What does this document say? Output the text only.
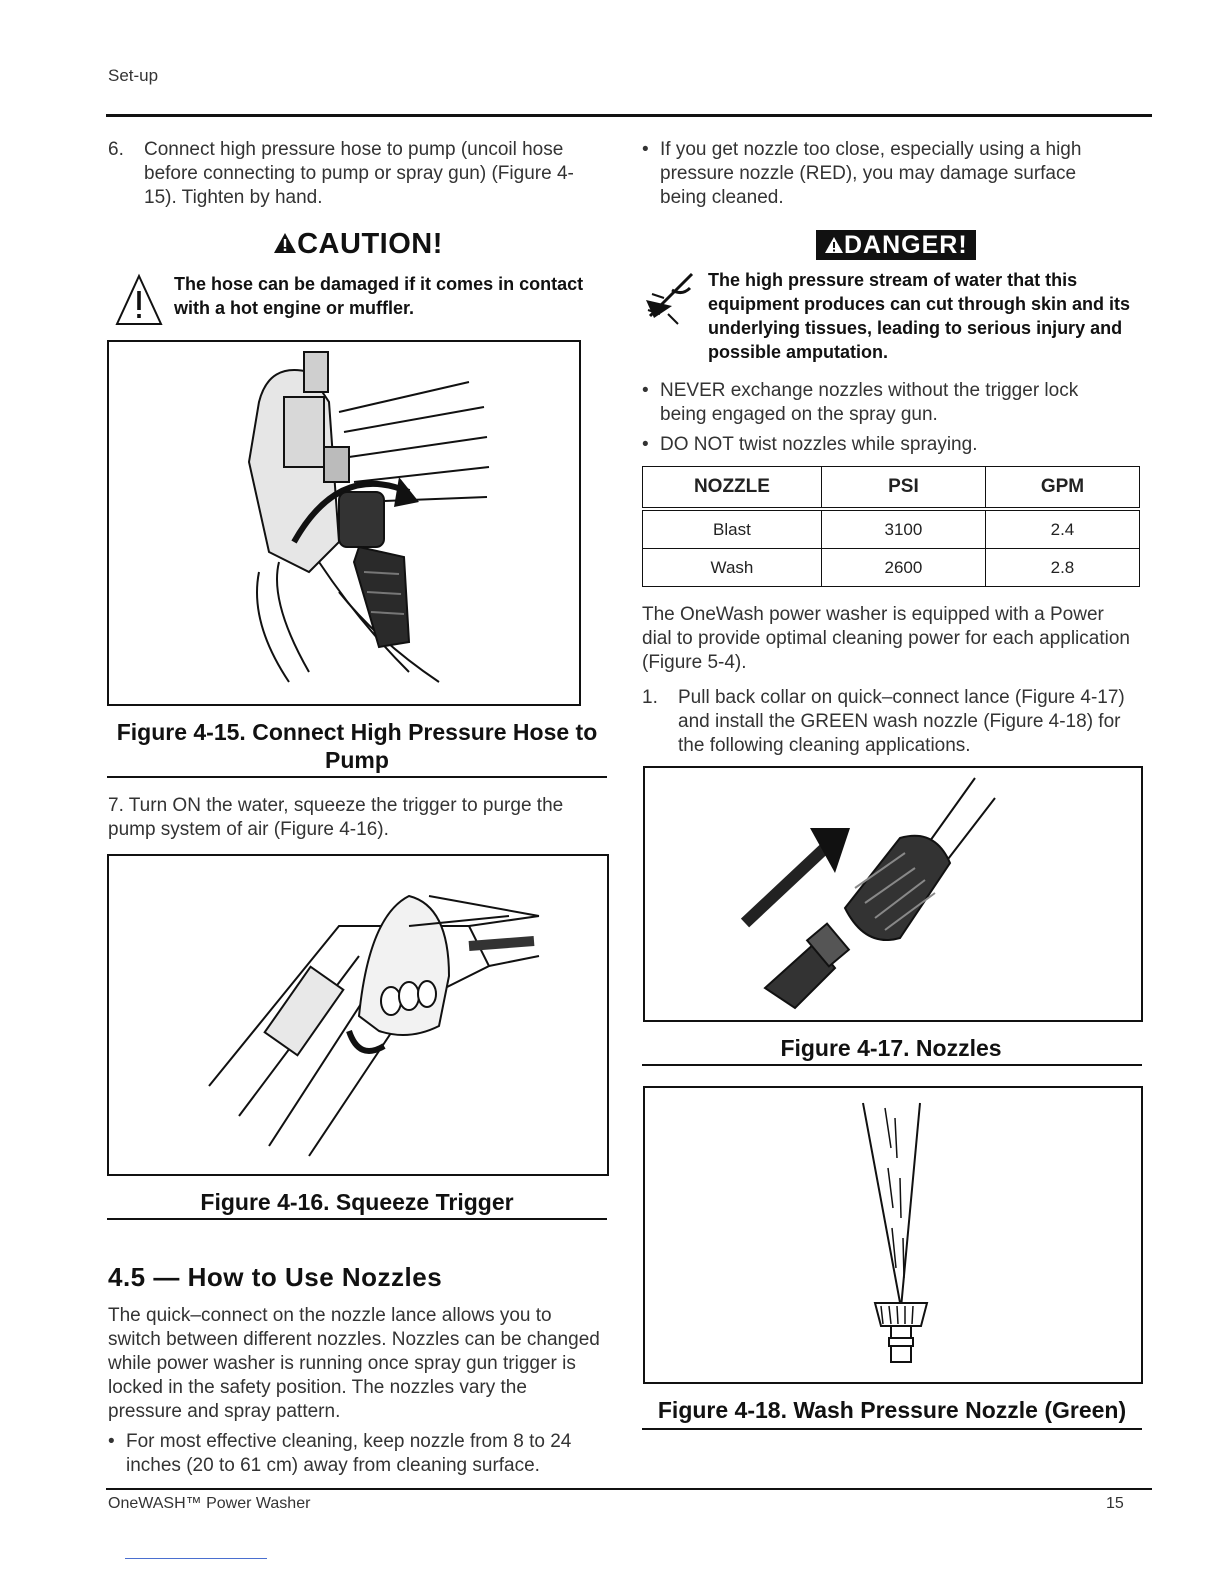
Set-up
6.	Connect high pressure hose to pump (uncoil hose before connecting to pump or spray gun) (Figure 4-15). Tighten by hand.
CAUTION!
The hose can be damaged if it comes in contact with a hot engine or muffler.
Figure 4-15. Connect High Pressure Hose to Pump
7. Turn ON the water, squeeze the trigger to purge the pump system of air (Figure 4-16).
Figure 4-16. Squeeze Trigger
4.5 — How to Use Nozzles
The quick–connect on the nozzle lance allows you to switch between different nozzles. Nozzles can be changed while power washer is running once spray gun trigger is locked in the safety position. The nozzles vary the pressure and spray pattern.
• For most effective cleaning, keep nozzle from 8 to 24 inches (20 to 61 cm) away from cleaning surface.
• If you get nozzle too close, especially using a high pressure nozzle (RED), you may damage surface being cleaned.
DANGER!
The high pressure stream of water that this equipment produces can cut through skin and its underlying tissues, leading to serious injury and possible amputation.
• NEVER exchange nozzles without the trigger lock being engaged on the spray gun.
• DO NOT twist nozzles while spraying.
NOZZLE	PSI	GPM
Blast	3100	2.4
Wash	2600	2.8
The OneWash power washer is equipped with a Power dial to provide optimal cleaning power for each application (Figure 5-4).
1.	Pull back collar on quick–connect lance (Figure 4-17) and install the GREEN wash nozzle (Figure 4-18) for the following cleaning applications.
Figure 4-17. Nozzles
Figure 4-18. Wash Pressure Nozzle (Green)
OneWASH™ Power Washer	15
